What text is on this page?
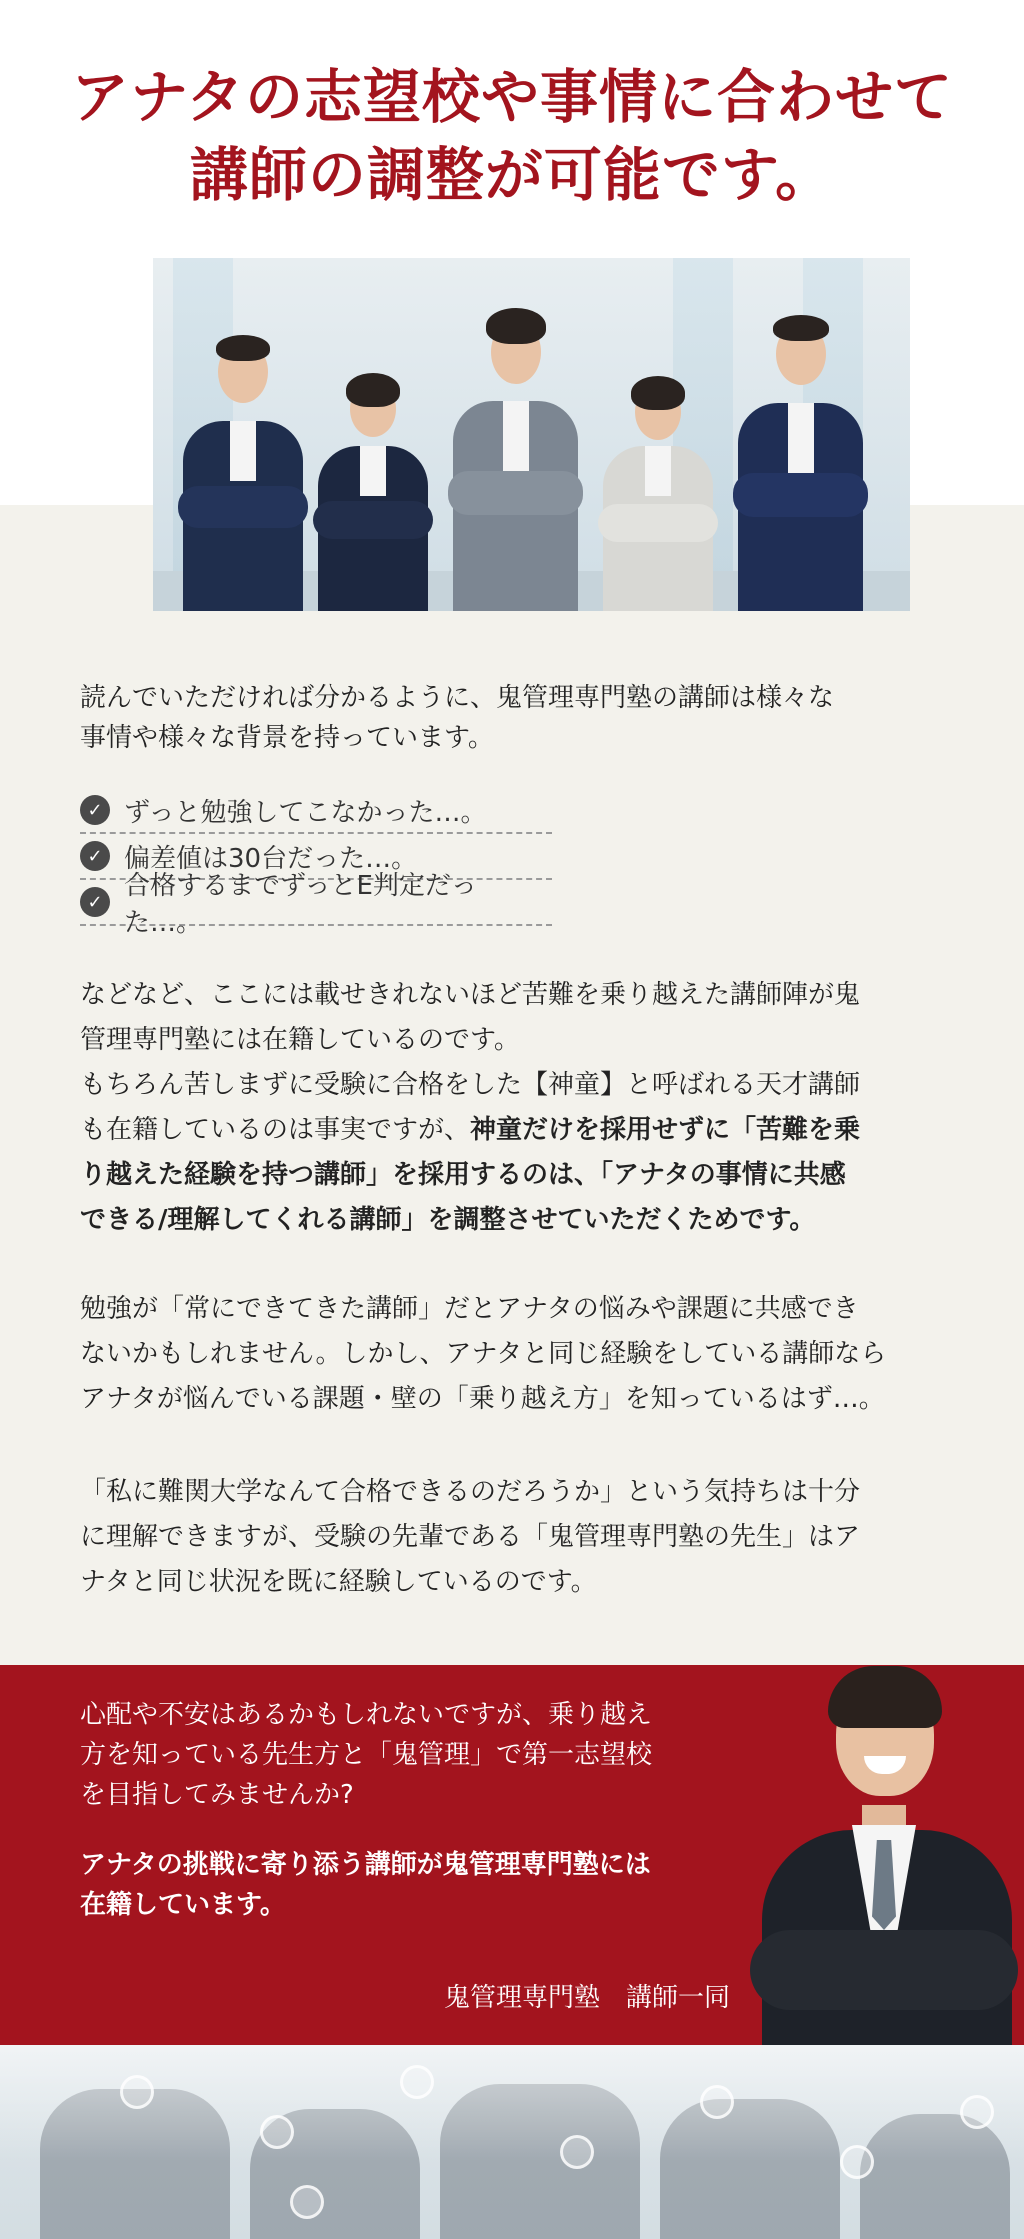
アナタの志望校や事情に合わせて
講師の調整が可能です。

読んでいただければ分かるように、鬼管理専門塾の講師は様々な
事情や様々な背景を持っています。

✓ ずっと勉強してこなかった…。
✓ 偏差値は30台だった…。
✓
合格するまでずっとE判定だった…。

などなど、ここには載せきれないほど苦難を乗り越えた講師陣が鬼
管理専門塾には在籍しているのです。
もちろん苦しまずに受験に合格をした【神童】と呼ばれる天才講師
も在籍しているのは事実ですが、神童だけを採用せずに「苦難を乗
り越えた経験を持つ講師」を採用するのは、「アナタの事情に共感
できる/理解してくれる講師」を調整させていただくためです。

勉強が「常にできてきた講師」だとアナタの悩みや課題に共感でき
ないかもしれません。しかし、アナタと同じ経験をしている講師なら
アナタが悩んでいる課題・壁の「乗り越え方」を知っているはず…。

「私に難関大学なんて合格できるのだろうか」という気持ちは十分
に理解できますが、受験の先輩である「鬼管理専門塾の先生」はア
ナタと同じ状況を既に経験しているのです。

心配や不安はあるかもしれないですが、乗り越え
方を知っている先生方と「鬼管理」で第一志望校
を目指してみませんか?

アナタの挑戦に寄り添う講師が鬼管理専門塾には
在籍しています。

鬼管理専門塾　講師一同
